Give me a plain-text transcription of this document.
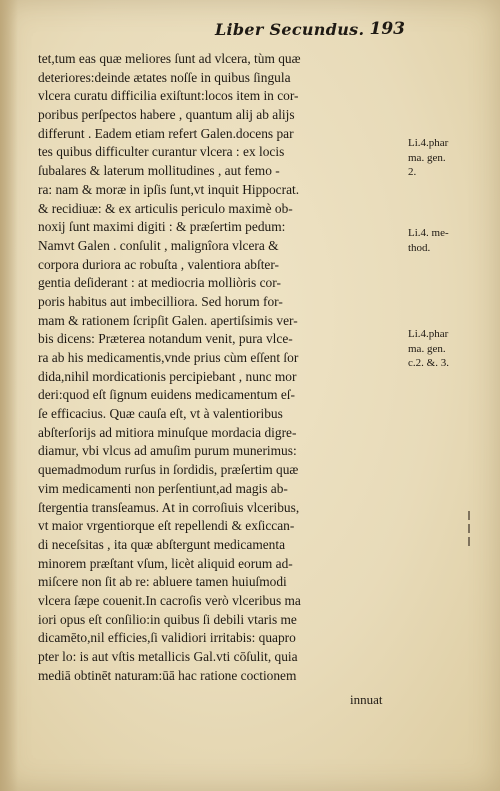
Liber Secundus. 193
tet,tum eas quæ meliores ſunt ad vlcera, tùm quæ
deteriores:deinde ætates noſſe in quibus ſingula
vlcera curatu difficilia exiſtunt:locos item in cor-
poribus perſpectos habere , quantum alij ab alijs
differunt . Eadem etiam refert Galen.docens par
tes quibus difficulter curantur vlcera : ex locis
ſubalares & laterum mollitudines , aut femo -
ra: nam & moræ in ipſis ſunt,vt inquit Hippocrat.
& recidiuæ: & ex articulis periculo maximè ob-
noxij ſunt maximi digiti : & præſertim pedum:
Namvt Galen . conſulit , malignîora vlcera &
corpora duriora ac robuſta , valentiora abſter-
gentia deſiderant : at mediocria molliòris cor-
poris habitus aut imbecilliora. Sed horum for-
mam & rationem ſcripſit Galen. apertiſsimis ver-
bis dicens: Præterea notandum venit, pura vlce-
ra ab his medicamentis,vnde prius cùm eſſent ſor
dida,nihil mordicationis percipiebant , nunc mor
deri:quod eſt ſignum euidens medicamentum eſ-
ſe efficacius. Quæ cauſa eſt, vt à valentioribus
abſterſorijs ad mitiora minuſque mordacia digre-
diamur, vbi vlcus ad amuſim purum munerimus:
quemadmodum rurſus in ſordidis, præſertim quæ
vim medicamenti non perſentiunt,ad magis ab-
ſtergentia transſeamus. At in corroſiuis vlceribus,
vt maior vrgentiorque eſt repellendi & exſiccan-
di neceſsitas , ita quæ abſtergunt medicamenta
minorem præſtant vſum, licèt aliquid eorum ad-
miſcere non ſit ab re: abluere tamen huiuſmodi
vlcera ſæpe couenit.In cacroſis verò vlceribus ma
iori opus eſt conſilio:in quibus ſi debili vtaris me
dicamēto,nil efficies,ſi validiori irritabis: quapro
pter lo: is aut vſtis metallicis Gal.vti cōſulit, quia
mediā obtinēt naturam:ūā hac ratione coctionem
innuat
Li.4.phar
ma. gen.
2.
Li.4. me-
thod.
Li.4.phar
ma. gen.
c.2. &. 3.
